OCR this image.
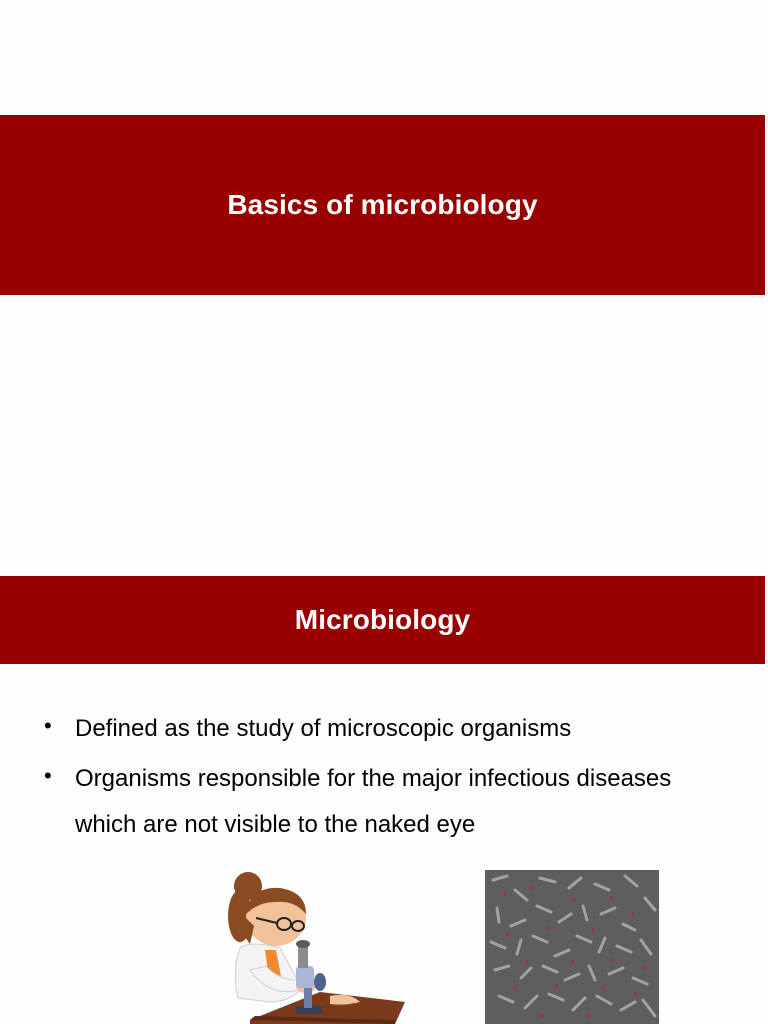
Basics of microbiology
Microbiology
• Defined as the study of microscopic organisms
• Organisms responsible for the major infectious diseases which are not visible to the naked eye
